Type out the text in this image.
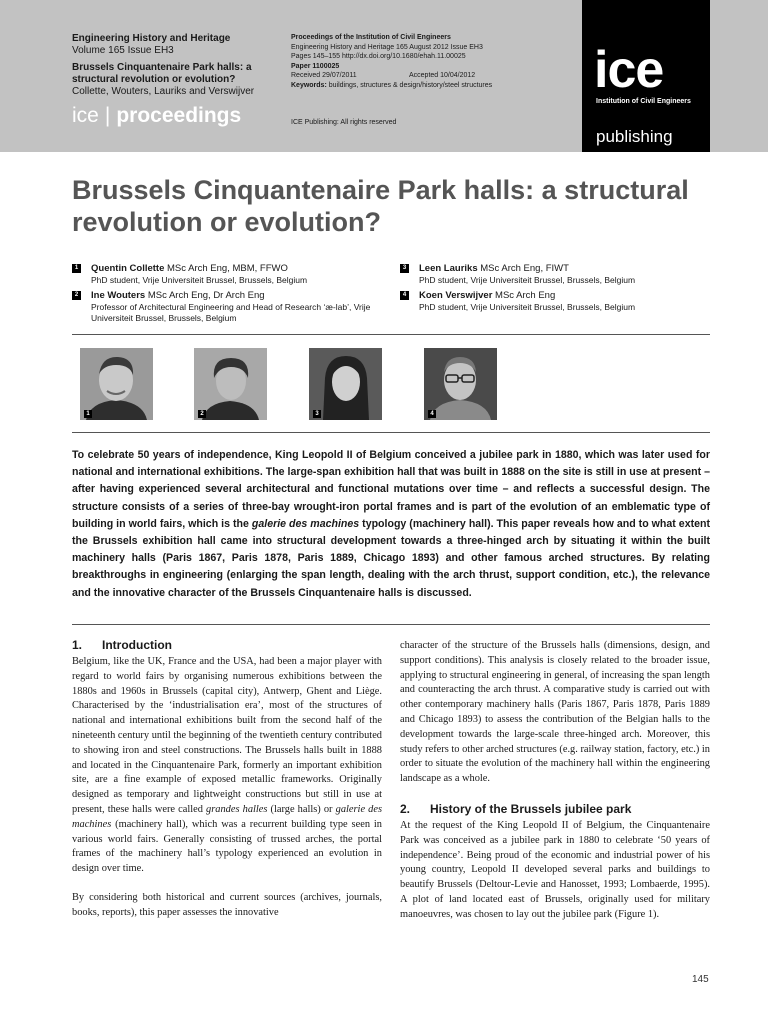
Engineering History and Heritage
Volume 165 Issue EH3
Brussels Cinquantenaire Park halls: a structural revolution or evolution?
Collette, Wouters, Lauriks and Verswijver
ice | proceedings
Proceedings of the Institution of Civil Engineers
Engineering History and Heritage 165 August 2012 Issue EH3
Pages 145–155 http://dx.doi.org/10.1680/ehah.11.00025
Paper 1100025
Received 29/07/2011	Accepted 10/04/2012
Keywords: buildings, structures & design/history/steel structures
ICE Publishing: All rights reserved
ice
Institution of Civil Engineers
publishing
Brussels Cinquantenaire Park halls: a structural revolution or evolution?
1 Quentin Collette MSc Arch Eng, MBM, FFWO
PhD student, Vrije Universiteit Brussel, Brussels, Belgium
2 Ine Wouters MSc Arch Eng, Dr Arch Eng
Professor of Architectural Engineering and Head of Research ‘æ-lab’, Vrije Universiteit Brussel, Brussels, Belgium
3 Leen Lauriks MSc Arch Eng, FIWT
PhD student, Vrije Universiteit Brussel, Brussels, Belgium
4 Koen Verswijver MSc Arch Eng
PhD student, Vrije Universiteit Brussel, Brussels, Belgium
1	2	3	4
To celebrate 50 years of independence, King Leopold II of Belgium conceived a jubilee park in 1880, which was later used for national and international exhibitions. The large-span exhibition hall that was built in 1888 on the site is still in use at present – after having experienced several architectural and functional mutations over time – and reflects a successful design. The structure consists of a series of three-bay wrought-iron portal frames and is part of the evolution of an emblematic type of building in world fairs, which is the galerie des machines typology (machinery hall). This paper reveals how and to what extent the Brussels exhibition hall came into structural development towards a three-hinged arch by situating it within the built machinery halls (Paris 1867, Paris 1878, Paris 1889, Chicago 1893) and other famous arched structures. By relating breakthroughs in engineering (enlarging the span length, dealing with the arch thrust, support condition, etc.), the relevance and the innovative character of the Brussels Cinquantenaire halls is discussed.
1. Introduction

Belgium, like the UK, France and the USA, had been a major player with regard to world fairs by organising numerous exhibitions between the 1880s and 1960s in Brussels (capital city), Antwerp, Ghent and Liège. Characterised by the ‘industrialisation era’, most of the structures of national and international exhibitions built from the second half of the nineteenth century until the beginning of the twentieth century contributed to showing iron and steel constructions. The Brussels halls built in 1888 and located in the Cinquantenaire Park, formerly an important exhibition site, are a fine example of exposed metallic frameworks. Originally designed as temporary and lightweight constructions but still in use at present, these halls were called grandes halles (large halls) or galerie des machines (machinery hall), which was a recurrent building type seen in various world fairs. Generally consisting of trussed arches, the portal frames of the machinery hall’s typology experienced an evolution in design over time.

By considering both historical and current sources (archives, journals, books, reports), this paper assesses the innovative

character of the structure of the Brussels halls (dimensions, design, and support conditions). This analysis is closely related to the broader issue, applying to structural engineering in general, of increasing the span length and counteracting the arch thrust. A comparative study is carried out with other contemporary machinery halls (Paris 1867, Paris 1878, Paris 1889 and Chicago 1893) to assess the contribution of the Belgian halls to the development towards the large-scale three-hinged arch. Moreover, this study refers to other arched structures (e.g. railway station, factory, etc.) in order to situate the evolution of the machinery hall within the engineering landscape as a whole.

2. History of the Brussels jubilee park

At the request of the King Leopold II of Belgium, the Cinquantenaire Park was conceived as a jubilee park in 1880 to celebrate ‘50 years of independence’. Being proud of the economic and industrial power of his young country, Leopold II developed several parks and buildings to beautify Brussels (Deltour-Levie and Hanosset, 1993; Lombaerde, 1995). A plot of land located east of Brussels, originally used for military manoeuvres, was chosen to lay out the jubilee park (Figure 1).

145
